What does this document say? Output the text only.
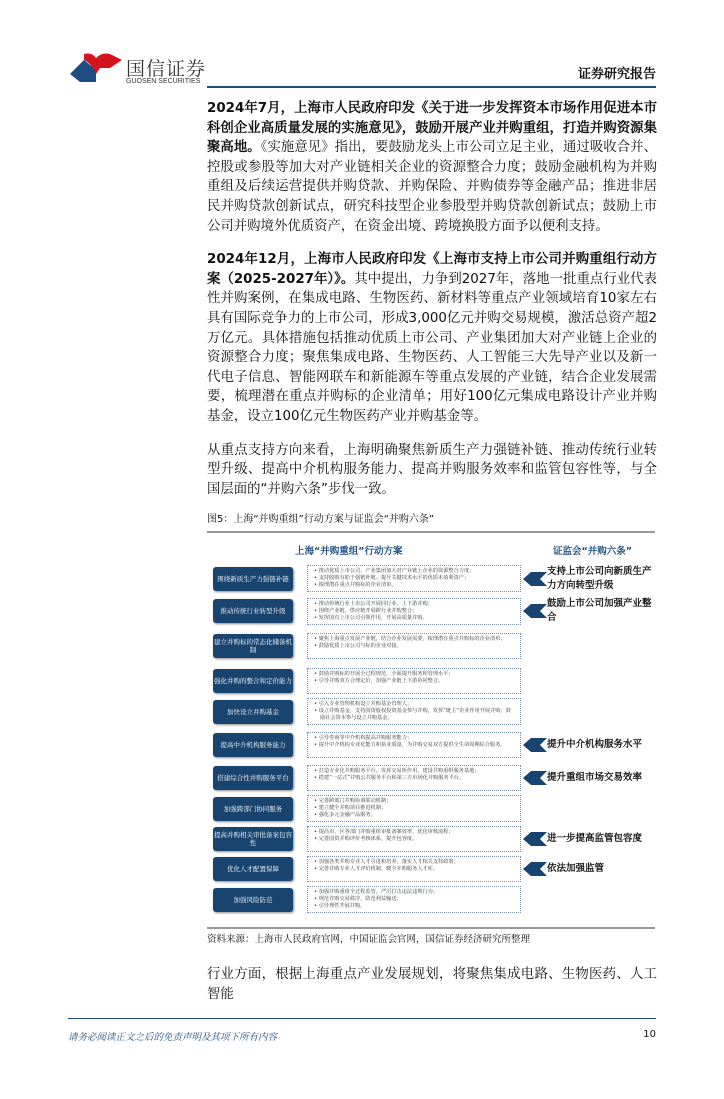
国信证券
GUOSEN SECURITIES	证券研究报告
2024年7月，上海市人民政府印发《关于进一步发挥资本市场作用促进本市科创企业高质量发展的实施意见》，鼓励开展产业并购重组，打造并购资源集聚高地。《实施意见》指出，要鼓励龙头上市公司立足主业，通过吸收合并、控股或参股等加大对产业链相关企业的资源整合力度；鼓励金融机构为并购重组及后续运营提供并购贷款、并购保险、并购债券等金融产品；推进非居民并购贷款创新试点，研究科技型企业参股型并购贷款创新试点；鼓励上市公司并购境外优质资产，在资金出境、跨境换股方面予以便利支持。
2024年12月，上海市人民政府印发《上海市支持上市公司并购重组行动方案（2025-2027年）》。其中提出，力争到2027年，落地一批重点行业代表性并购案例，在集成电路、生物医药、新材料等重点产业领域培育10家左右具有国际竞争力的上市公司，形成3,000亿元并购交易规模，激活总资产超2万亿元。具体措施包括推动优质上市公司、产业集团加大对产业链上企业的资源整合力度；聚焦集成电路、生物医药、人工智能三大先导产业以及新一代电子信息、智能网联车和新能源车等重点发展的产业链，结合企业发展需要，梳理潜在重点并购标的企业清单；用好100亿元集成电路设计产业并购基金，设立100亿元生物医药产业并购基金等。
从重点支持方向来看，上海明确聚焦新质生产力强链补链、推动传统行业转型升级、提高中介机构服务能力、提高并购服务效率和监管包容性等，与全国层面的“并购六条”步伐一致。
图5：上海“并购重组”行动方案与证监会“并购六条”
上海“并购重组”行动方案	证监会“并购六条”
围绕新质生产力强链补链
• 推动优质上市公司、产业集团加大对产业链上企业的资源整合力度；
• 支持收购有助于强链补链、提升关键技术水平的优质未盈利资产；
• 梳理潜在重点并购标的企业清单。
支持上市公司向新质生产力方向转型升级
推动传统行业转型升级
• 推动传统行业上市公司开展同行业、上下游并购；
• 围绕产业链、供应链开展跨行业并购整合；
• 发挥国有上市公司引领作用，开展高质量并购。
鼓励上市公司加强产业整合
建立并购标的常态化储备机制
• 聚焦上海重点发展产业链，结合企业发展需要，梳理潜在重点并购标的企业清单；
• 鼓励优质上市公司与标的企业对接。
强化并购的整合和定价能力
• 鼓励并购标的开展全过程规范，全面提升服务和管理水平；
• 引导并购双方合理定价，加强产业链上下游协同整合。
加快设立并购基金
• 引入专业管理机构设立并购基金管理人；
• 设立并购基金，支持国资股权投资基金参与并购，发挥“链主”企业作用开展并购；鼓励社会资本参与设立并购基金。
提高中介机构服务能力
• 引导券商等中介机构提高并购服务能力；
• 提升中介机构专业化能力和执业质量，为并购交易双方提供全生命周期综合服务。	提升中介机构服务水平
搭建综合性并购服务平台
• 打造专业化并购服务平台，发挥交易所作用，建设并购重组服务基地；
• 搭建“一站式”并购公共服务平台和第三方市场化并购服务平台。	提升重组市场交易效率
加强跨部门协同服务
• 完善跨部门并购协调联动机制；
• 建立健全并购项目推进机制；
• 强化多元金融产品服务。
提高并购相关审批备案包容性
• 提高市、区各部门并购重组审批备案效率，优化审核流程；
• 完善国资并购评价考核体系，提升包容度。	进一步提高监管包容度
优化人才配置保障
• 加强各类并购专业人才引进和培养，落实人才相关支持政策；
• 完善并购专业人才评价机制，健全并购服务人才库。	依法加强监管
加强风险防范
• 加强并购重组全过程监管，严厉打击违法违规行为；
• 规范并购交易秩序，防范利益输送；
• 引导理性开展并购。
资料来源：上海市人民政府官网，中国证监会官网，国信证券经济研究所整理
行业方面，根据上海重点产业发展规划，将聚焦集成电路、生物医药、人工智能
请务必阅读正文之后的免责声明及其项下所有内容	10
